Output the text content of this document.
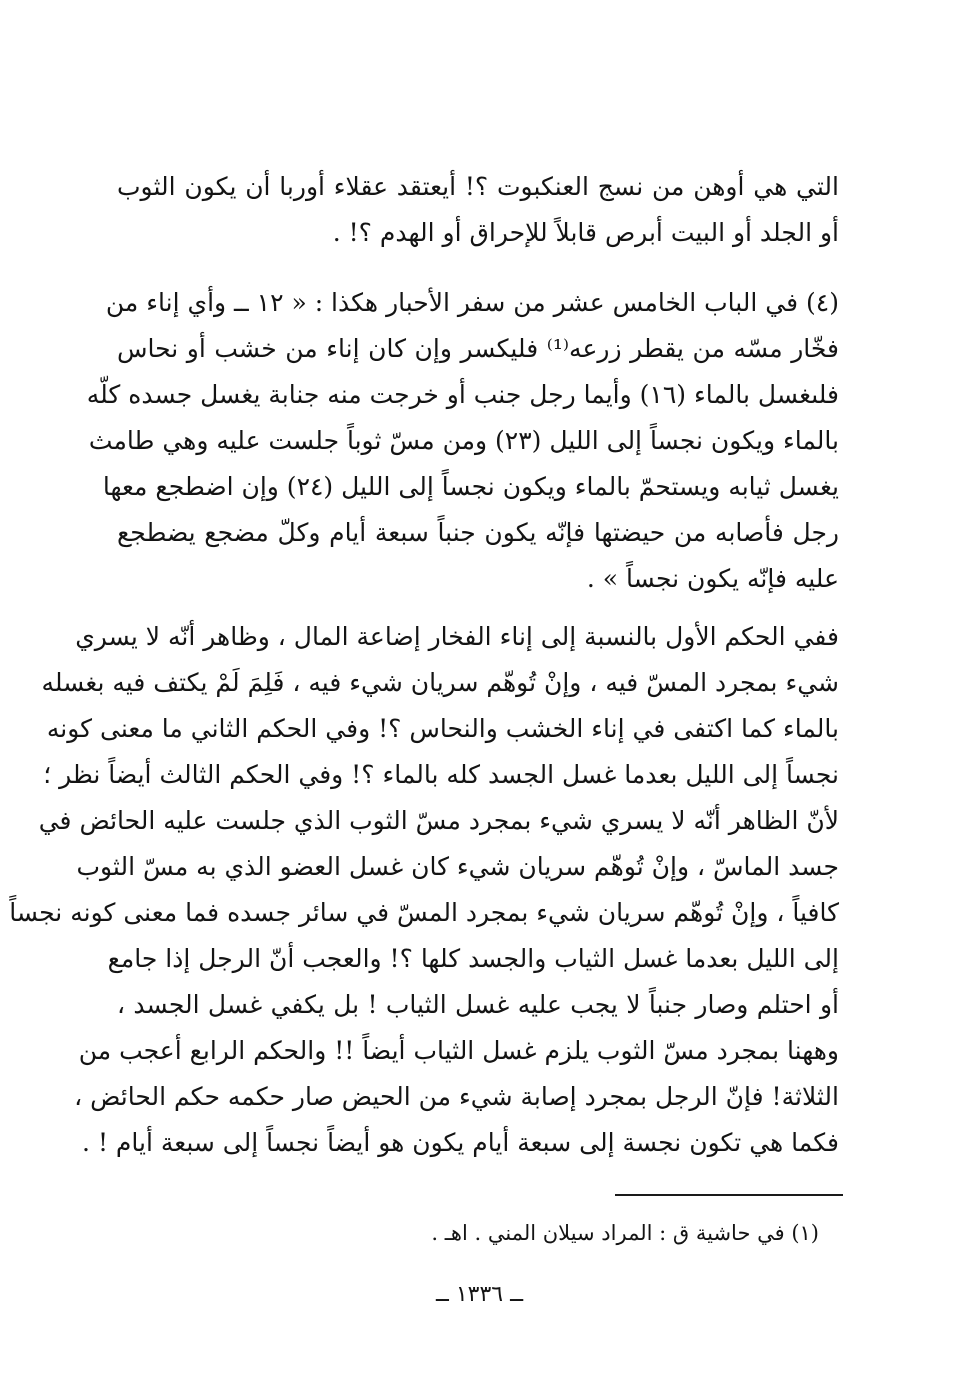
التي هي أوهن من نسج العنكبوت ؟! أيعتقد عقلاء أوربا أن يكون الثوب
أو الجلد أو البيت أبرص قابلاً للإحراق أو الهدم ؟! .
(٤) في الباب الخامس عشر من سفر الأحبار هكذا : « ١٢ ــ وأي إناء من
فخّار مسّه من يقطر زرعه⁽¹⁾ فليكسر وإن كان إناء من خشب أو نحاس
فلىغسل بالماء (١٦) وأيما رجل جنب أو خرجت منه جنابة يغسل جسده كلّه
بالماء ويكون نجساً إلى الليل (٢٣) ومن مسّ ثوباً جلست عليه وهي طامث
يغسل ثيابه ويستحمّ بالماء ويكون نجساً إلى الليل (٢٤) وإن اضطجع معها
رجل فأصابه من حيضتها فإنّه يكون جنباً سبعة أيام وكلّ مضجع يضطجع
عليه فإنّه يكون نجساً » .
ففي الحكم الأول بالنسبة إلى إناء الفخار إضاعة المال ، وظاهر أنّه لا يسري
شيء بمجرد المسّ فيه ، وإنْ تُوهّم سريان شيء فيه ، فَلِمَ لَمْ يكتف فيه بغسله
بالماء كما اكتفى في إناء الخشب والنحاس ؟! وفي الحكم الثاني ما معنى كونه
نجساً إلى الليل بعدما غسل الجسد كله بالماء ؟! وفي الحكم الثالث أيضاً نظر ؛
لأنّ الظاهر أنّه لا يسري شيء بمجرد مسّ الثوب الذي جلست عليه الحائض في
جسد الماسّ ، وإنْ تُوهّم سريان شيء كان غسل العضو الذي به مسّ الثوب
كافياً ، وإنْ تُوهّم سريان شيء بمجرد المسّ في سائر جسده فما معنى كونه نجساً
إلى الليل بعدما غسل الثياب والجسد كلها ؟! والعجب أنّ الرجل إذا جامع
أو احتلم وصار جنباً لا يجب عليه غسل الثياب ! بل يكفي غسل الجسد ،
وههنا بمجرد مسّ الثوب يلزم غسل الثياب أيضاً !! والحكم الرابع أعجب من
الثلاثة! فإنّ الرجل بمجرد إصابة شيء من الحيض صار حكمه حكم الحائض ،
فكما هي تكون نجسة إلى سبعة أيام يكون هو أيضاً نجساً إلى سبعة أيام ! .
(١) في حاشية ق : المراد سيلان المني . اهـ .
ــ ١٣٣٦ ــ
